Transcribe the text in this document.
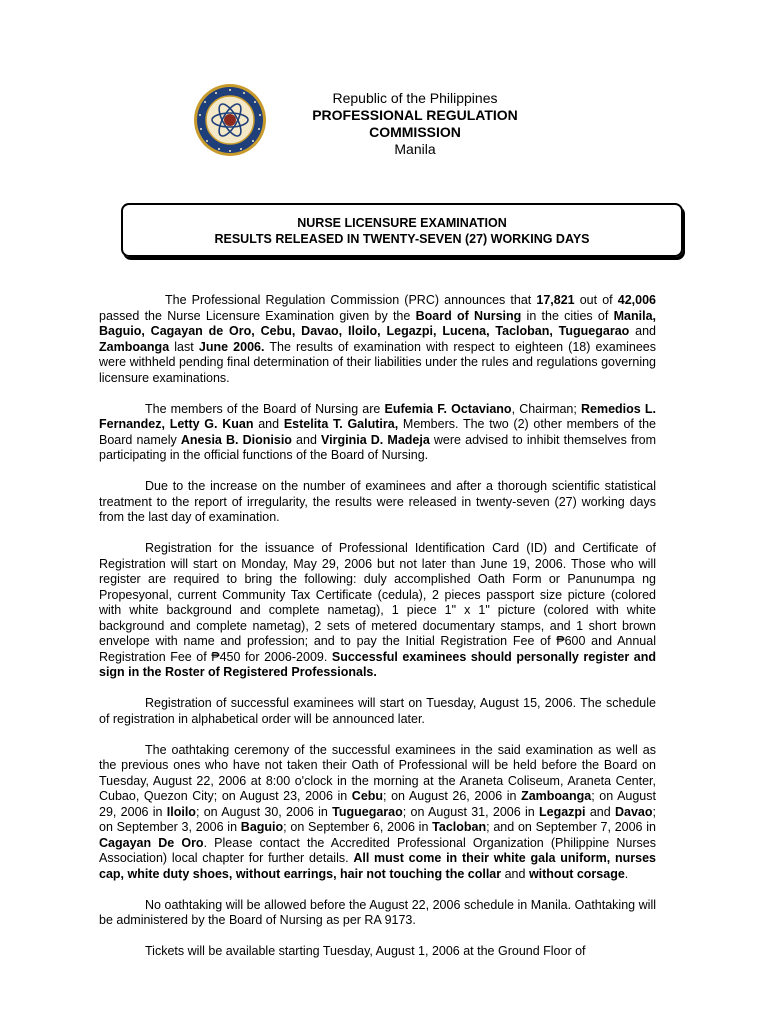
Republic of the Philippines
PROFESSIONAL REGULATION COMMISSION
Manila
NURSE LICENSURE EXAMINATION
RESULTS RELEASED IN TWENTY-SEVEN (27) WORKING DAYS

The Professional Regulation Commission (PRC) announces that 17,821 out of 42,006 passed the Nurse Licensure Examination given by the Board of Nursing in the cities of Manila, Baguio, Cagayan de Oro, Cebu, Davao, Iloilo, Legazpi, Lucena, Tacloban, Tuguegarao and Zamboanga last June 2006. The results of examination with respect to eighteen (18) examinees were withheld pending final determination of their liabilities under the rules and regulations governing licensure examinations.

The members of the Board of Nursing are Eufemia F. Octaviano, Chairman; Remedios L. Fernandez, Letty G. Kuan and Estelita T. Galutira, Members. The two (2) other members of the Board namely Anesia B. Dionisio and Virginia D. Madeja were advised to inhibit themselves from participating in the official functions of the Board of Nursing.

Due to the increase on the number of examinees and after a thorough scientific statistical treatment to the report of irregularity, the results were released in twenty-seven (27) working days from the last day of examination.

Registration for the issuance of Professional Identification Card (ID) and Certificate of Registration will start on Monday, May 29, 2006 but not later than June 19, 2006. Those who will register are required to bring the following: duly accomplished Oath Form or Panunumpa ng Propesyonal, current Community Tax Certificate (cedula), 2 pieces passport size picture (colored with white background and complete nametag), 1 piece 1" x 1" picture (colored with white background and complete nametag), 2 sets of metered documentary stamps, and 1 short brown envelope with name and profession; and to pay the Initial Registration Fee of ₱600 and Annual Registration Fee of ₱450 for 2006-2009. Successful examinees should personally register and sign in the Roster of Registered Professionals.

Registration of successful examinees will start on Tuesday, August 15, 2006. The schedule of registration in alphabetical order will be announced later.

The oathtaking ceremony of the successful examinees in the said examination as well as the previous ones who have not taken their Oath of Professional will be held before the Board on Tuesday, August 22, 2006 at 8:00 o'clock in the morning at the Araneta Coliseum, Araneta Center, Cubao, Quezon City; on August 23, 2006 in Cebu; on August 26, 2006 in Zamboanga; on August 29, 2006 in Iloilo; on August 30, 2006 in Tuguegarao; on August 31, 2006 in Legazpi and Davao; on September 3, 2006 in Baguio; on September 6, 2006 in Tacloban; and on September 7, 2006 in Cagayan De Oro. Please contact the Accredited Professional Organization (Philippine Nurses Association) local chapter for further details. All must come in their white gala uniform, nurses cap, white duty shoes, without earrings, hair not touching the collar and without corsage.

No oathtaking will be allowed before the August 22, 2006 schedule in Manila. Oathtaking will be administered by the Board of Nursing as per RA 9173.

Tickets will be available starting Tuesday, August 1, 2006 at the Ground Floor of
